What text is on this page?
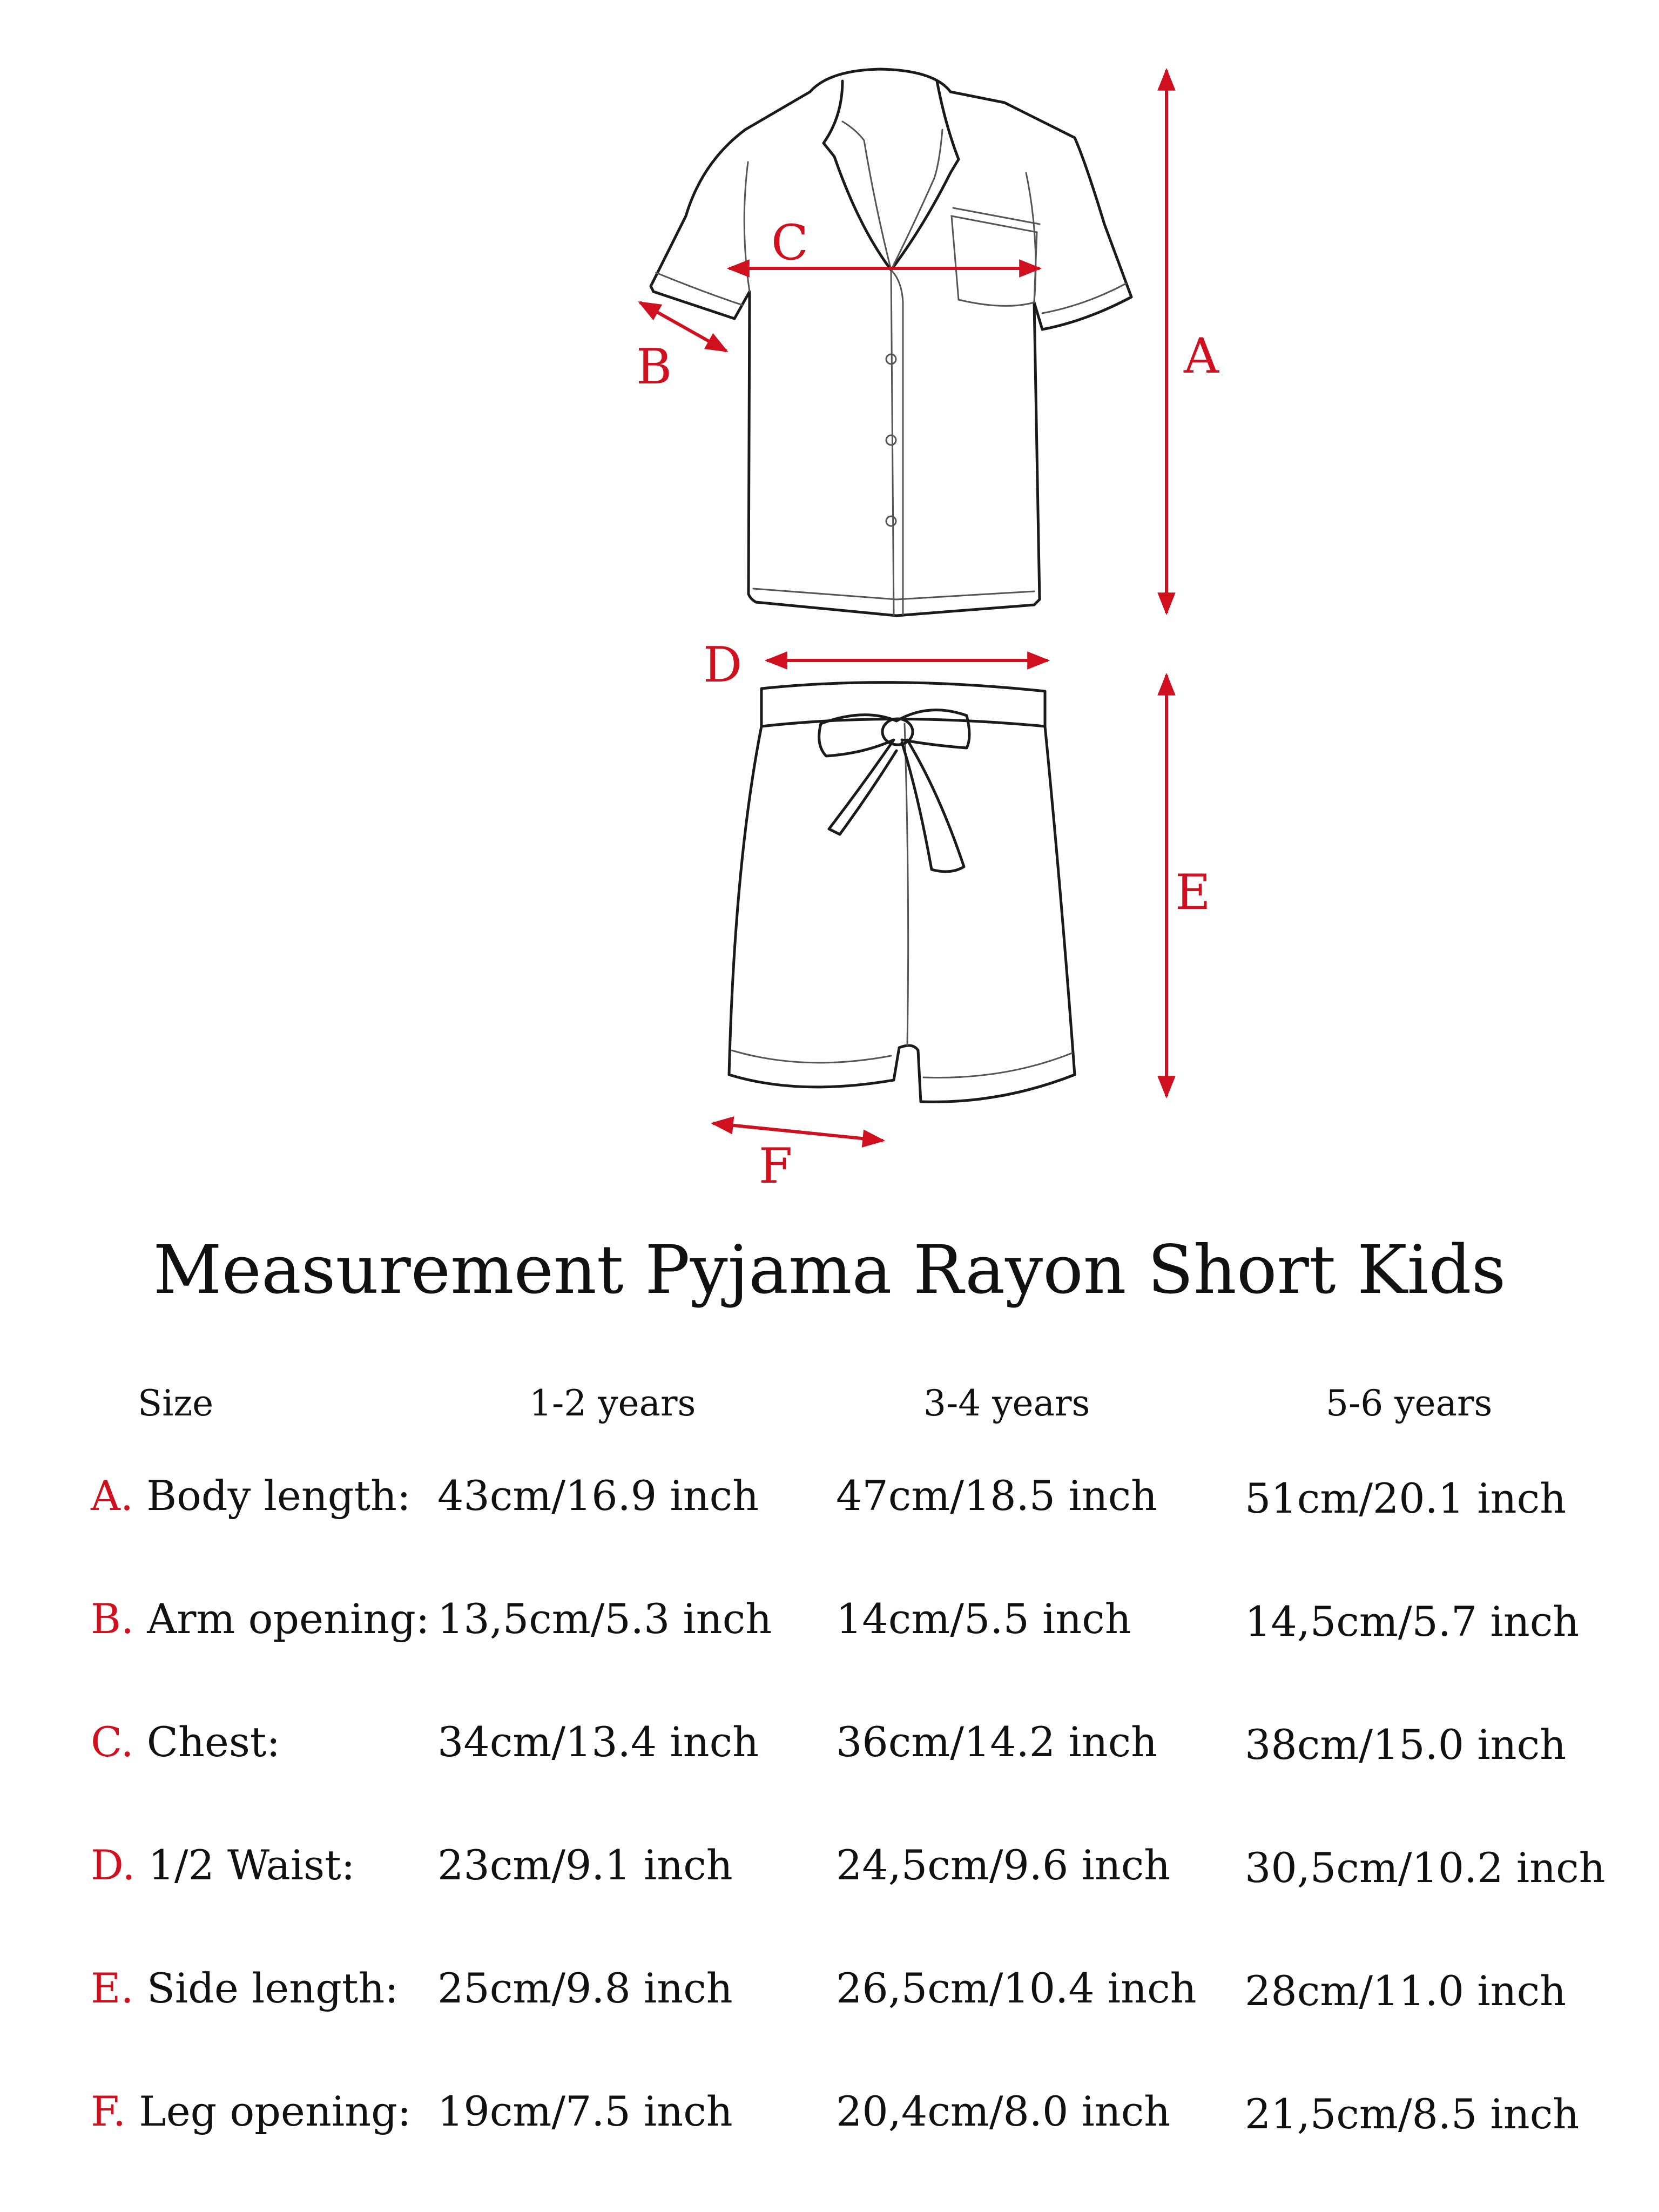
A
B
C
D
E
F
Measurement Pyjama Rayon Short Kids
Size	1-2 years	3-4 years	5-6 years
A. Body length: 43cm/16.9 inch 47cm/18.5 inch 51cm/20.1 inch
B. Arm opening: 13,5cm/5.3 inch 14cm/5.5 inch	14,5cm/5.7 inch
C. Chest:	34cm/13.4 inch 36cm/14.2 inch 38cm/15.0 inch
D. 1/2 Waist: 23cm/9.1 inch	24,5cm/9.6 inch 30,5cm/10.2 inch
E. Side length: 25cm/9.8 inch	26,5cm/10.4 inch 28cm/11.0 inch
F. Leg opening: 19cm/7.5 inch	20,4cm/8.0 inch 21,5cm/8.5 inch
